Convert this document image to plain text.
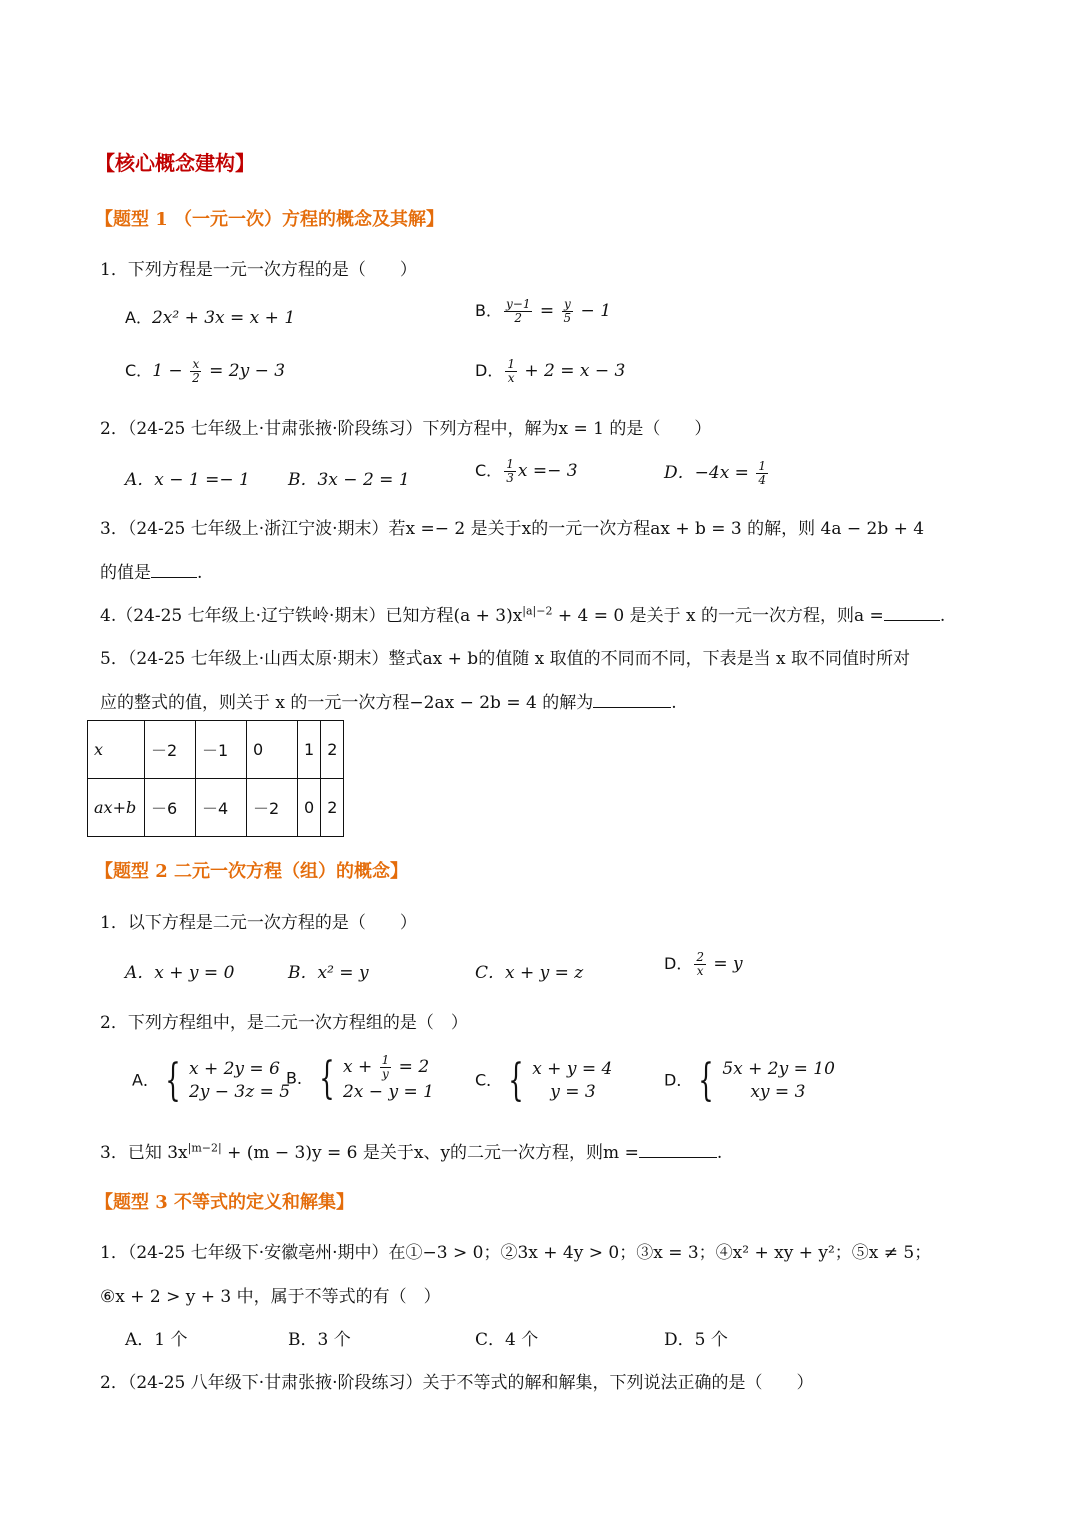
【核心概念建构】
【题型 1 （一元一次）方程的概念及其解】
1．下列方程是一元一次方程的是（　　）
A．2x² + 3x = x + 1	B． $\frac{y-1}{2} = \frac{y}{5} - 1$
C．$1 - \frac{x}{2} = 2y - 3$	D． $\frac{1}{x} + 2 = x - 3$
2．（24-25 七年级上·甘肃张掖·阶段练习）下列方程中，解为x = 1 的是（　　）
A．x − 1 =− 1 B．3x − 2 = 1	C． $\frac{1}{3}$ x =− 3	D．$-4x = \frac{1}{4}$
3．（24-25 七年级上·浙江宁波·期末）若x =− 2 是关于x的一元一次方程ax + b = 3 的解，则 4a − 2b + 4
的值是	.
4.（24-25 七年级上·辽宁铁岭·期末）已知方程$(a + 3)x^{|a|-2} + 4 = 0$ 是关于 x 的一元一次方程，则a =	.
5．（24-25 七年级上·山西太原·期末）整式ax + b的值随 x 取值的不同而不同，下表是当 x 取不同值时所对
应的整式的值，则关于 x 的一元一次方程−2ax − 2b = 4 的解为	.
x	－2	－1	0	1	2
ax+b	－6	－4	－2	0	2
【题型 2 二元一次方程（组）的概念】
1．以下方程是二元一次方程的是（　　）
A．x + y = 0	B．x² = y	C．x + y = z	D． $\frac{2}{x} = y$
2．下列方程组中，是二元一次方程组的是（　）
A． { x + 2y = 6
2y − 3z = 5
B． { $x + \frac{1}{y} = 2$
2x − y = 1
C． { x + y = 4
y = 3
D． { 5x + 2y = 10
xy = 3
3．已知 $3x^{|m-2|} + (m - 3)y = 6$ 是关于x、y的二元一次方程，则m =	.
【题型 3 不等式的定义和解集】
1．（24-25 七年级下·安徽亳州·期中）在①−3 > 0；②3x + 4y > 0；③x = 3；④x² + xy + y²；⑤x ≠ 5；
⑥x + 2 > y + 3 中，属于不等式的有（　）
A．1 个	B．3 个	C．4 个	D．5 个
2．（24-25 八年级下·甘肃张掖·阶段练习）关于不等式的解和解集，下列说法正确的是（　　）
